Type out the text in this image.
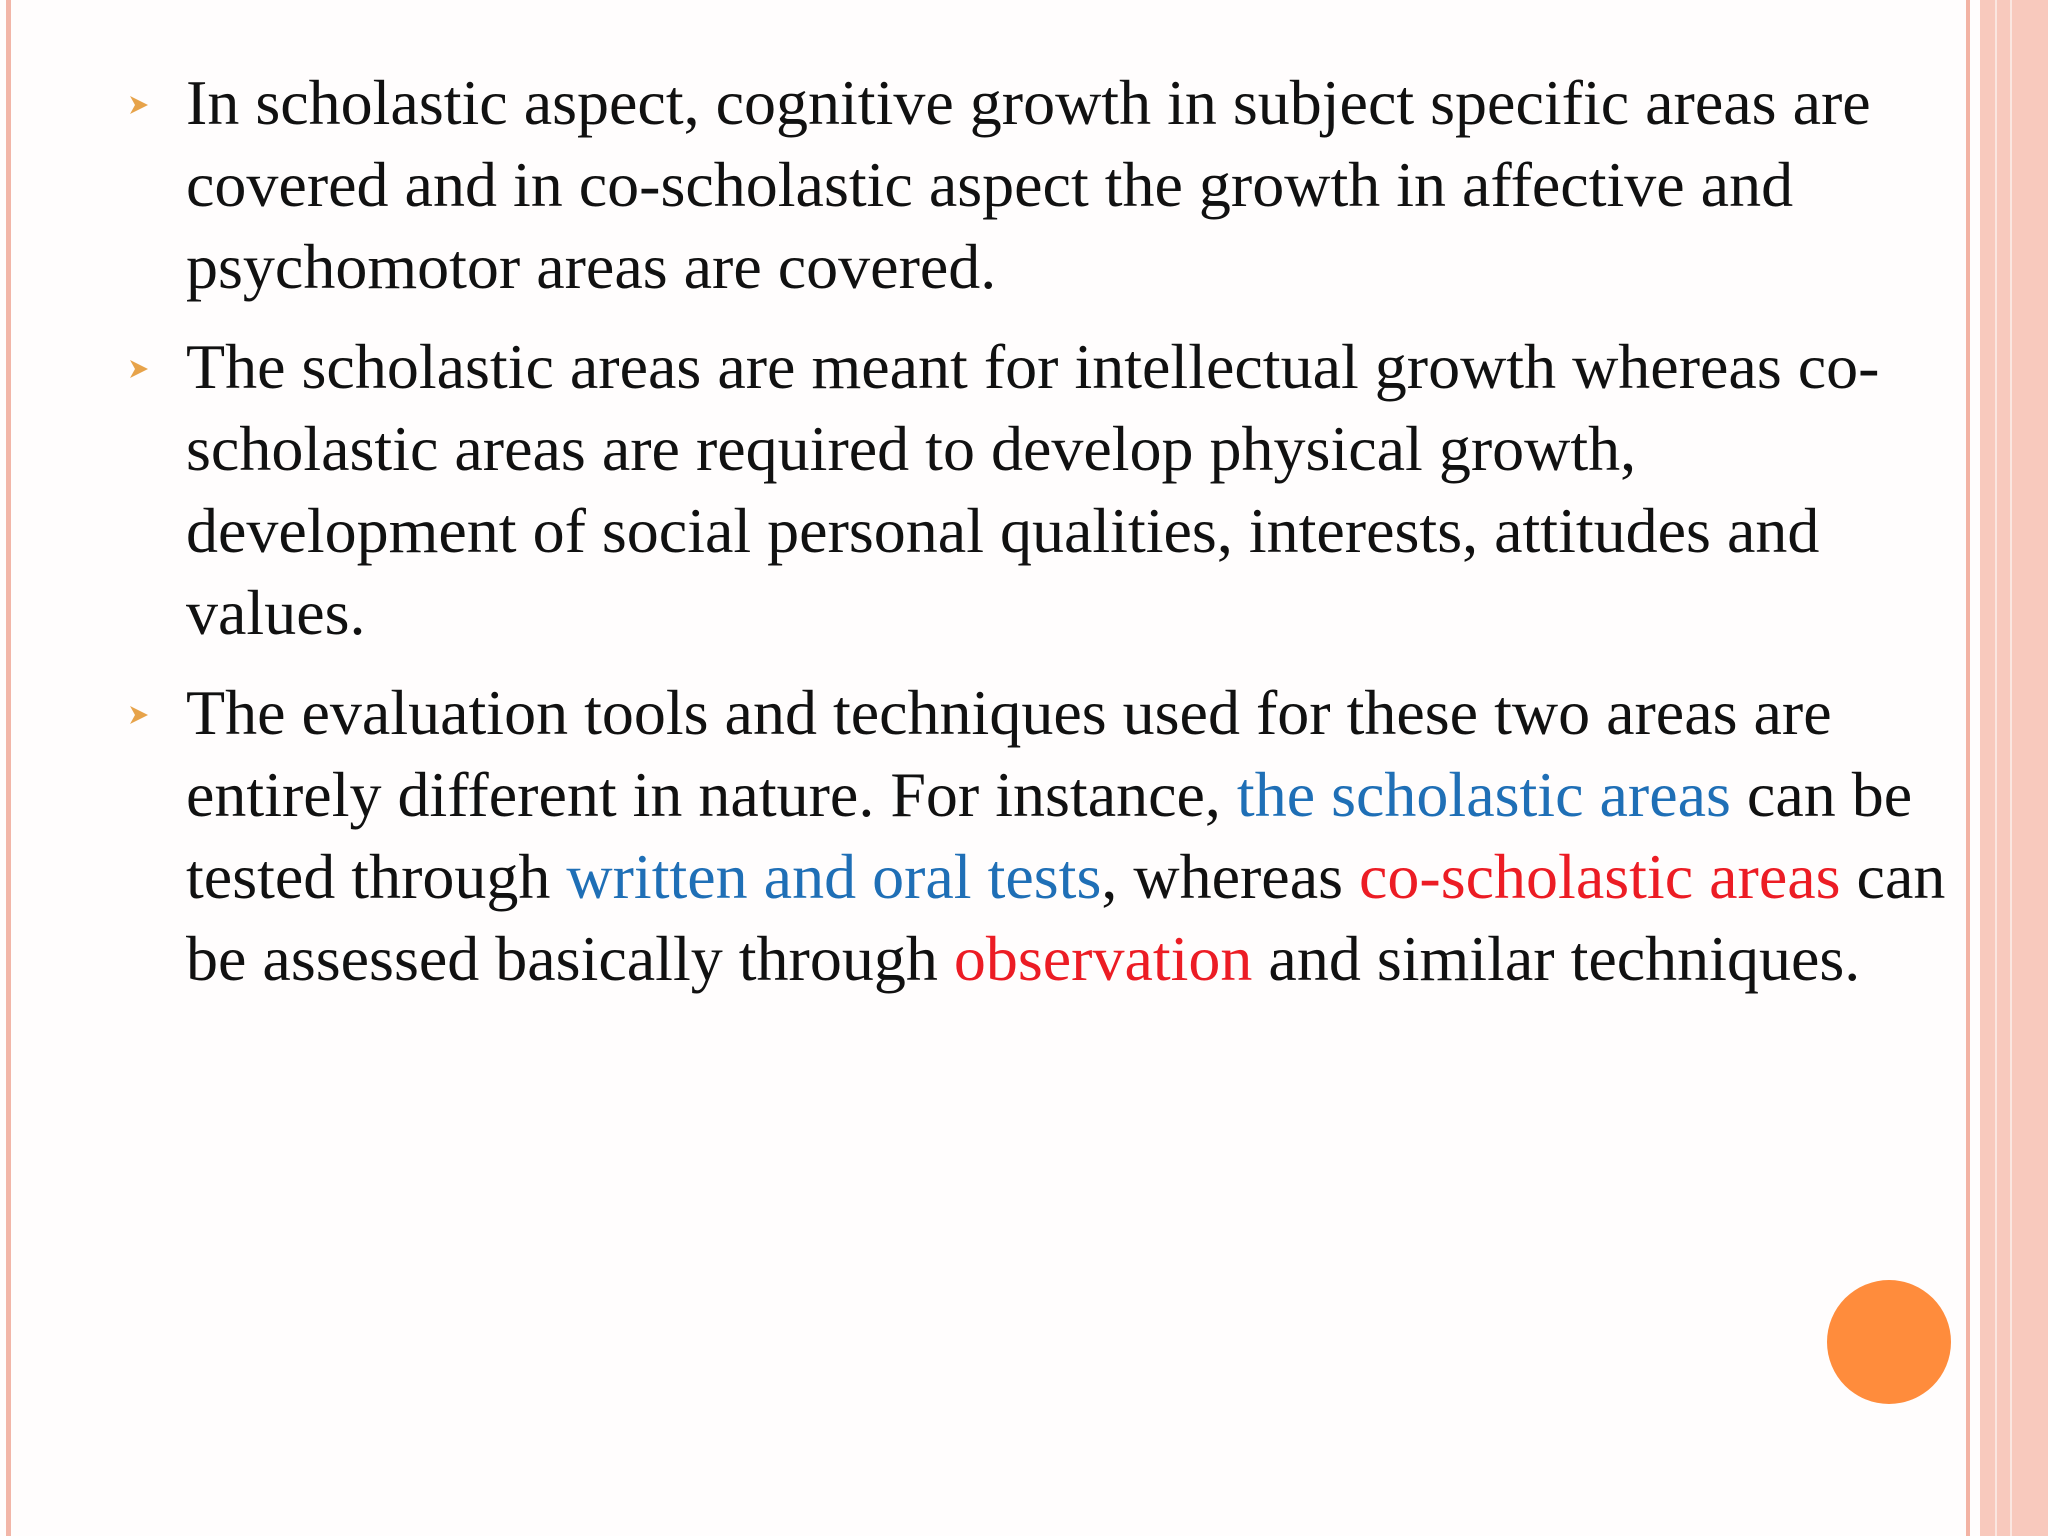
In scholastic aspect, cognitive growth in subject specific areas are covered and in co-scholastic aspect the growth in affective and psychomotor areas are covered.
The scholastic areas are meant for intellectual growth whereas co-scholastic areas are required to develop physical growth, development of social personal qualities, interests, attitudes and values.
The evaluation tools and techniques used for these two areas are entirely different in nature. For instance, the scholastic areas can be tested through written and oral tests, whereas co-scholastic areas can be assessed basically through observation and similar techniques.
